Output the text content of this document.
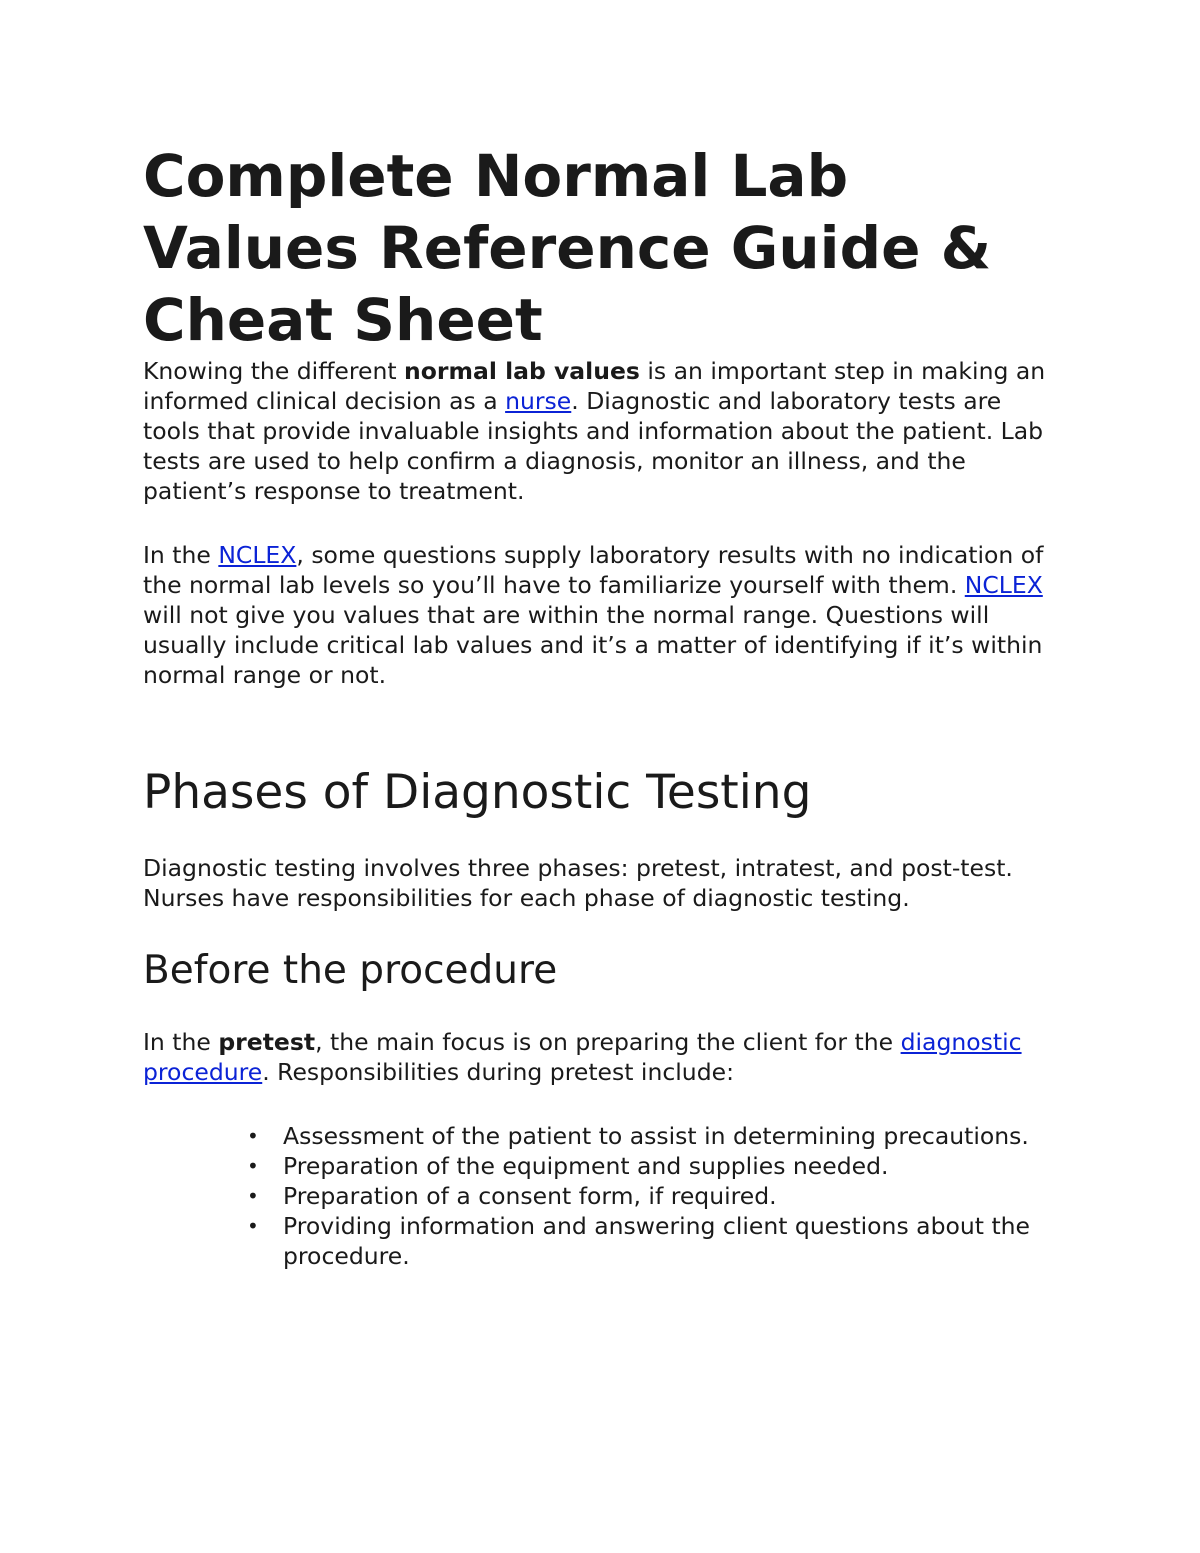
Complete Normal Lab Values Reference Guide & Cheat Sheet

Knowing the different normal lab values is an important step in making an informed clinical decision as a nurse. Diagnostic and laboratory tests are tools that provide invaluable insights and information about the patient. Lab tests are used to help confirm a diagnosis, monitor an illness, and the patient’s response to treatment.

In the NCLEX, some questions supply laboratory results with no indication of the normal lab levels so you’ll have to familiarize yourself with them. NCLEX will not give you values that are within the normal range. Questions will usually include critical lab values and it’s a matter of identifying if it’s within normal range or not.

Phases of Diagnostic Testing

Diagnostic testing involves three phases: pretest, intratest, and post-test. Nurses have responsibilities for each phase of diagnostic testing.

Before the procedure

In the pretest, the main focus is on preparing the client for the diagnostic procedure. Responsibilities during pretest include:

• Assessment of the patient to assist in determining precautions.
• Preparation of the equipment and supplies needed.
• Preparation of a consent form, if required.
• Providing information and answering client questions about the procedure.
